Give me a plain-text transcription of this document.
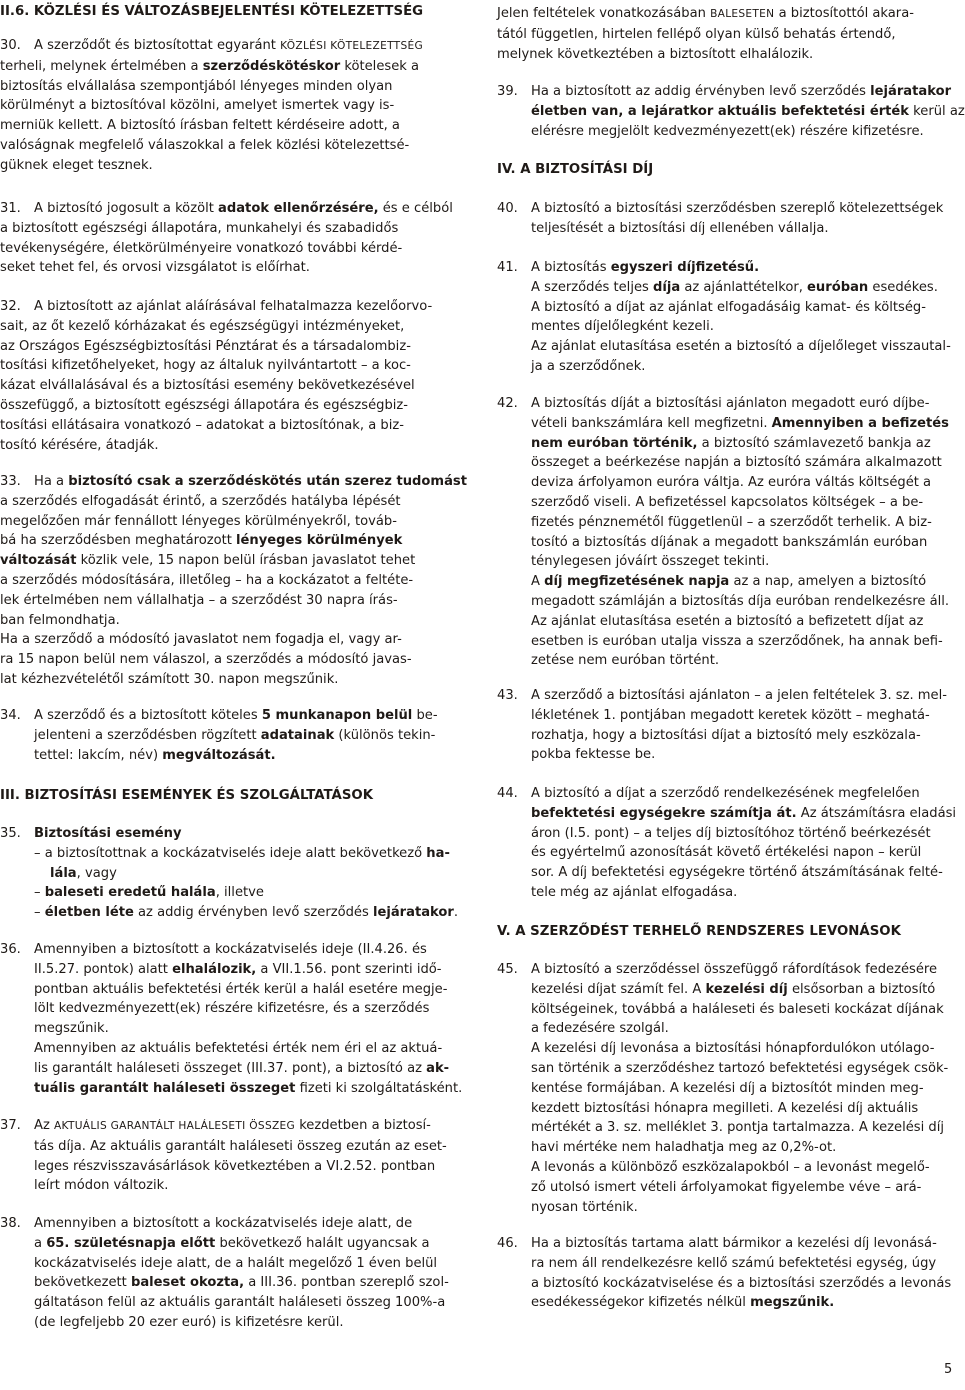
II.6. KÖZLÉSI ÉS VÁLTOZÁSBEJELENTÉSI KÖTELEZETTSÉG
30.	A szerződőt és biztosítottat egyaránt KÖZLÉSI KÖTELEZETTSÉG
terheli, melynek értelmében a szerződéskötéskor kötelesek a
biztosítás elvállalása szempontjából lényeges minden olyan
körülményt a biztosítóval közölni, amelyet ismertek vagy is-
merniük kellett. A biztosító írásban feltett kérdéseire adott, a
valóságnak megfelelő válaszokkal a felek közlési kötelezettsé-
güknek eleget tesznek.
31.	A biztosító jogosult a közölt adatok ellenőrzésére, és e célból
a biztosított egészségi állapotára, munkahelyi és szabadidős
tevékenységére, életkörülményeire vonatkozó további kérdé-
seket tehet fel, és orvosi vizsgálatot is előírhat.
32.	A biztosított az ajánlat aláírásával felhatalmazza kezelőorvo-
sait, az őt kezelő kórházakat és egészségügyi intézményeket,
az Országos Egészségbiztosítási Pénztárat és a társadalombiz-
tosítási kifizetőhelyeket, hogy az általuk nyilvántartott – a koc-
kázat elvállalásával és a biztosítási esemény bekövetkezésével
összefüggő, a biztosított egészségi állapotára és egészségbiz-
tosítási ellátásaira vonatkozó – adatokat a biztosítónak, a biz-
tosító kérésére, átadják.
33.	Ha a biztosító csak a szerződéskötés után szerez tudomást
a szerződés elfogadását érintő, a szerződés hatályba lépését
megelőzően már fennállott lényeges körülményekről, továb-
bá ha szerződésben meghatározott lényeges körülmények
változását közlik vele, 15 napon belül írásban javaslatot tehet
a szerződés módosítására, illetőleg – ha a kockázatot a feltéte-
lek értelmében nem vállalhatja – a szerződést 30 napra írás-
ban felmondhatja.
Ha a szerződő a módosító javaslatot nem fogadja el, vagy ar-
ra 15 napon belül nem válaszol, a szerződés a módosító javas-
lat kézhezvételétől számított 30. napon megszűnik.
34.	A szerződő és a biztosított köteles 5 munkanapon belül be-
jelenteni a szerződésben rögzített adatainak (különös tekin-
tettel: lakcím, név) megváltozását.
III. BIZTOSÍTÁSI ESEMÉNYEK ÉS SZOLGÁLTATÁSOK
35.	Biztosítási esemény
– a biztosítottnak a kockázatviselés ideje alatt bekövetkező ha-
lála, vagy
– baleseti eredetű halála, illetve
– életben léte az addig érvényben levő szerződés lejáratakor.
36.	Amennyiben a biztosított a kockázatviselés ideje (II.4.26. és
II.5.27. pontok) alatt elhalálozik, a VII.1.56. pont szerinti idő-
pontban aktuális befektetési érték kerül a halál esetére megje-
lölt kedvezményezett(ek) részére kifizetésre, és a szerződés
megszűnik.
Amennyiben az aktuális befektetési érték nem éri el az aktuá-
lis garantált haláleseti összeget (III.37. pont), a biztosító az ak-
tuális garantált haláleseti összeget fizeti ki szolgáltatásként.
37.	Az AKTUÁLIS GARANTÁLT HALÁLESETI ÖSSZEG kezdetben a biztosí-
tás díja. Az aktuális garantált haláleseti összeg ezután az eset-
leges részvisszavásárlások következtében a VI.2.52. pontban
leírt módon változik.
38.	Amennyiben a biztosított a kockázatviselés ideje alatt, de
a 65. születésnapja előtt bekövetkező halált ugyancsak a
kockázatviselés ideje alatt, de a halált megelőző 1 éven belül
bekövetkezett baleset okozta, a III.36. pontban szereplő szol-
gáltatáson felül az aktuális garantált haláleseti összeg 100%-a
(de legfeljebb 20 ezer euró) is kifizetésre kerül.
Jelen feltételek vonatkozásában BALESETEN a biztosítottól akara-
tától független, hirtelen fellépő olyan külső behatás értendő,
melynek következtében a biztosított elhalálozik.
39.	Ha a biztosított az addig érvényben levő szerződés lejáratakor
életben van, a lejáratkor aktuális befektetési érték kerül az
elérésre megjelölt kedvezményezett(ek) részére kifizetésre.
IV. A BIZTOSÍTÁSI DÍJ
40.	A biztosító a biztosítási szerződésben szereplő kötelezettségek
teljesítését a biztosítási díj ellenében vállalja.
41.	A biztosítás egyszeri díjfizetésű.
A szerződés teljes díja az ajánlattételkor, euróban esedékes.
A biztosító a díjat az ajánlat elfogadásáig kamat- és költség-
mentes díjelőlegként kezeli.
Az ajánlat elutasítása esetén a biztosító a díjelőleget visszautal-
ja a szerződőnek.
42.	A biztosítás díját a biztosítási ajánlaton megadott euró díjbe-
vételi bankszámlára kell megfizetni. Amennyiben a befizetés
nem euróban történik, a biztosító számlavezető bankja az
összeget a beérkezése napján a biztosító számára alkalmazott
deviza árfolyamon euróra váltja. Az euróra váltás költségét a
szerződő viseli. A befizetéssel kapcsolatos költségek – a be-
fizetés pénznemétől függetlenül – a szerződőt terhelik. A biz-
tosító a biztosítás díjának a megadott bankszámlán euróban
ténylegesen jóváírt összeget tekinti.
A díj megfizetésének napja az a nap, amelyen a biztosító
megadott számláján a biztosítás díja euróban rendelkezésre áll.
Az ajánlat elutasítása esetén a biztosító a befizetett díjat az
esetben is euróban utalja vissza a szerződőnek, ha annak befi-
zetése nem euróban történt.
43.	A szerződő a biztosítási ajánlaton – a jelen feltételek 3. sz. mel-
lékletének 1. pontjában megadott keretek között – meghatá-
rozhatja, hogy a biztosítási díjat a biztosító mely eszközala-
pokba fektesse be.
44.	A biztosító a díjat a szerződő rendelkezésének megfelelően
befektetési egységekre számítja át. Az átszámításra eladási
áron (I.5. pont) – a teljes díj biztosítóhoz történő beérkezését
és egyértelmű azonosítását követő értékelési napon – kerül
sor. A díj befektetési egységekre történő átszámításának felté-
tele még az ajánlat elfogadása.
V. A SZERZŐDÉST TERHELŐ RENDSZERES LEVONÁSOK
45.	A biztosító a szerződéssel összefüggő ráfordítások fedezésére
kezelési díjat számít fel. A kezelési díj elsősorban a biztosító
költségeinek, továbbá a haláleseti és baleseti kockázat díjának
a fedezésére szolgál.
A kezelési díj levonása a biztosítási hónapfordulókon utólago-
san történik a szerződéshez tartozó befektetési egységek csök-
kentése formájában. A kezelési díj a biztosítót minden meg-
kezdett biztosítási hónapra megilleti. A kezelési díj aktuális
mértékét a 3. sz. melléklet 3. pontja tartalmazza. A kezelési díj
havi mértéke nem haladhatja meg az 0,2%-ot.
A levonás a különböző eszközalapokból – a levonást megelő-
ző utolsó ismert vételi árfolyamokat figyelembe véve – ará-
nyosan történik.
46.	Ha a biztosítás tartama alatt bármikor a kezelési díj levonásá-
ra nem áll rendelkezésre kellő számú befektetési egység, úgy
a biztosító kockázatviselése és a biztosítási szerződés a levonás
esedékességekor kifizetés nélkül megszűnik.
5
